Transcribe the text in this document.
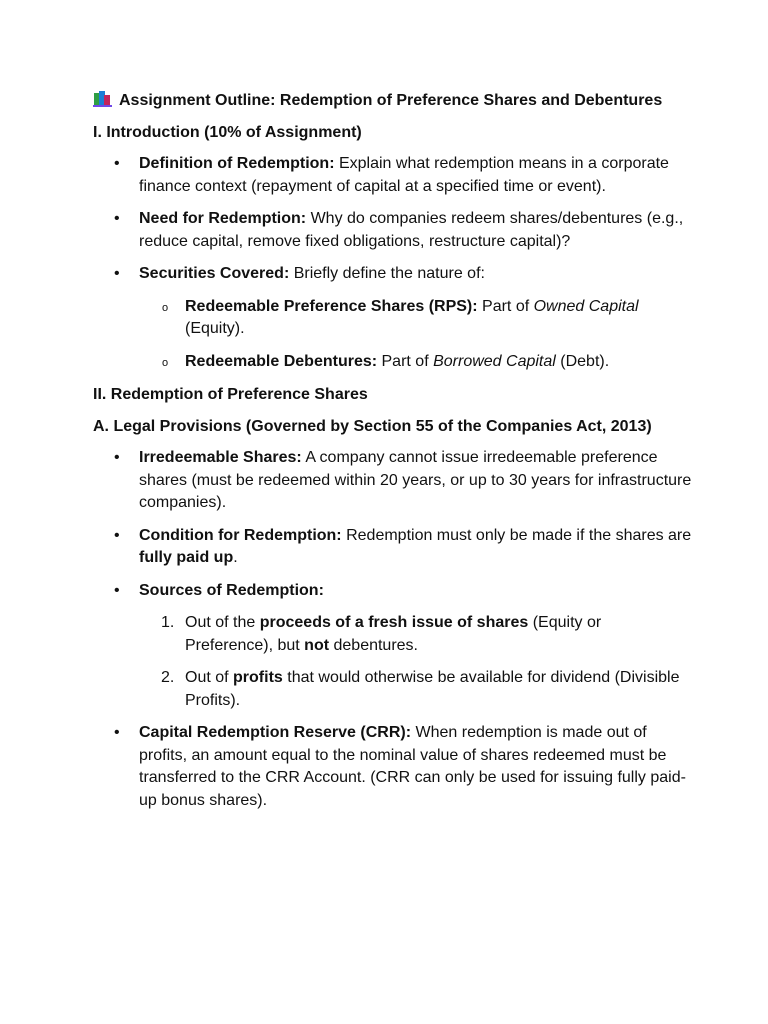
Assignment Outline: Redemption of Preference Shares and Debentures
I. Introduction (10% of Assignment)
• Definition of Redemption: Explain what redemption means in a corporate finance context (repayment of capital at a specified time or event).
• Need for Redemption: Why do companies redeem shares/debentures (e.g., reduce capital, remove fixed obligations, restructure capital)?
• Securities Covered: Briefly define the nature of:
o Redeemable Preference Shares (RPS): Part of Owned Capital (Equity).
o Redeemable Debentures: Part of Borrowed Capital (Debt).
II. Redemption of Preference Shares
A. Legal Provisions (Governed by Section 55 of the Companies Act, 2013)
• Irredeemable Shares: A company cannot issue irredeemable preference shares (must be redeemed within 20 years, or up to 30 years for infrastructure companies).
• Condition for Redemption: Redemption must only be made if the shares are fully paid up.
• Sources of Redemption:
1. Out of the proceeds of a fresh issue of shares (Equity or Preference), but not debentures.
2. Out of profits that would otherwise be available for dividend (Divisible Profits).
• Capital Redemption Reserve (CRR): When redemption is made out of profits, an amount equal to the nominal value of shares redeemed must be transferred to the CRR Account. (CRR can only be used for issuing fully paid-up bonus shares).
